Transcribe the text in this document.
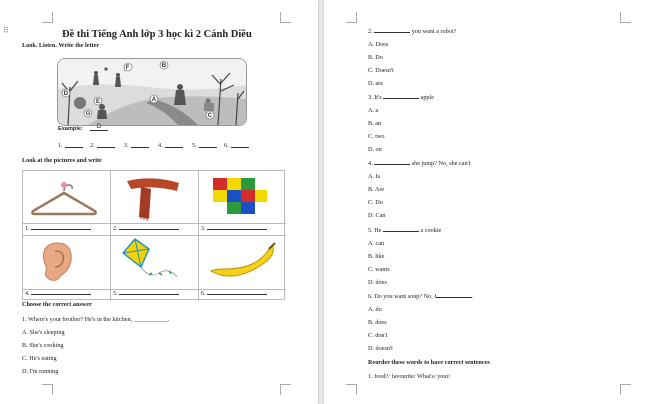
⠿	Đề thi Tiếng Anh lớp 3 học kì 2 Cánh Diều
Look. Listen. Write the letter
F	B
D
E	A
G	C
Example:	D
1.	2.	3.	4.	5.	6.
Look at the pictures and write
1.	2.	3.
4.	5.	6.
Choose the correct answer
1. Where's your brother? He's in the kitchen, ___________.
A. She's sleeping
B. She's cooking
C. He's eating
D. I'm running
2.	you want a robot?
A. Does
B. Do
C. Doesn't
D. are
3. It's	apple
A. a
B. an
C. two
D. on
4.	she jump? No, she can't
A. Is
B. Are
C. Do
D. Can
5. He	a cookie
A. can
B. like
C. wants
D. does
6. Do you want soup? No, I	.
A. do
B. does
C. don't
D. doesn't
Reorder these words to have correct sentences
1. food?/ favourite/ What's/ your/
